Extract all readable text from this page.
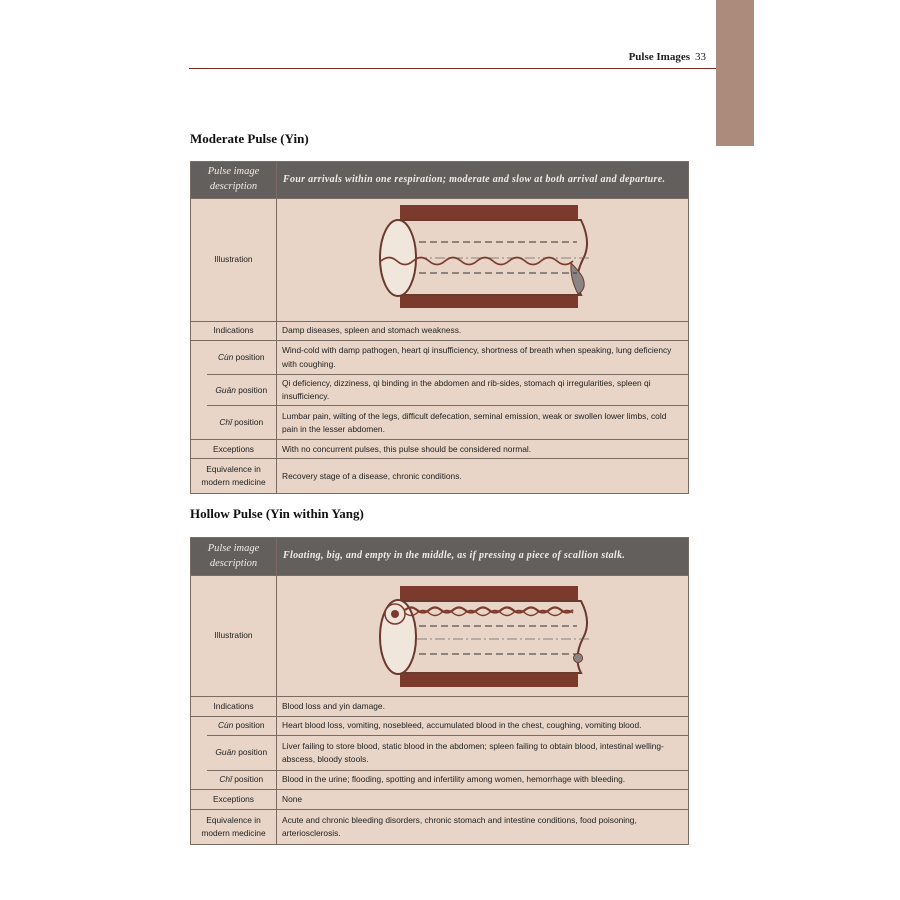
Pulse Images 33
Moderate Pulse (Yin)
Pulse image description		Four arrivals within one respiration; moderate and slow at both arrival and departure.
Illustration	

Indications		Damp diseases, spleen and stomach weakness.
	Cùn position	Wind-cold with damp pathogen, heart qi insufficiency, shortness of breath when speaking, lung deficiency with coughing.
	Guān position	Qi deficiency, dizziness, qi binding in the abdomen and rib-sides, stomach qi irregularities, spleen qi insufficiency.
	Chǐ position	Lumbar pain, wilting of the legs, difficult defecation, seminal emission, weak or swollen lower limbs, cold pain in the lesser abdomen.
Exceptions		With no concurrent pulses, this pulse should be considered normal.
Equivalence in modern medicine		Recovery stage of a disease, chronic conditions.
Hollow Pulse (Yin within Yang)
Pulse image description		Floating, big, and empty in the middle, as if pressing a piece of scallion stalk.
Illustration	

Indications		Blood loss and yin damage.
	Cùn position	Heart blood loss, vomiting, nosebleed, accumulated blood in the chest, coughing, vomiting blood.
	Guān position	Liver failing to store blood, static blood in the abdomen; spleen failing to obtain blood, intestinal welling-abscess, bloody stools.
	Chǐ position	Blood in the urine; flooding, spotting and infertility among women, hemorrhage with bleeding.
Exceptions		None
Equivalence in modern medicine		Acute and chronic bleeding disorders, chronic stomach and intestine conditions, food poisoning, arteriosclerosis.
